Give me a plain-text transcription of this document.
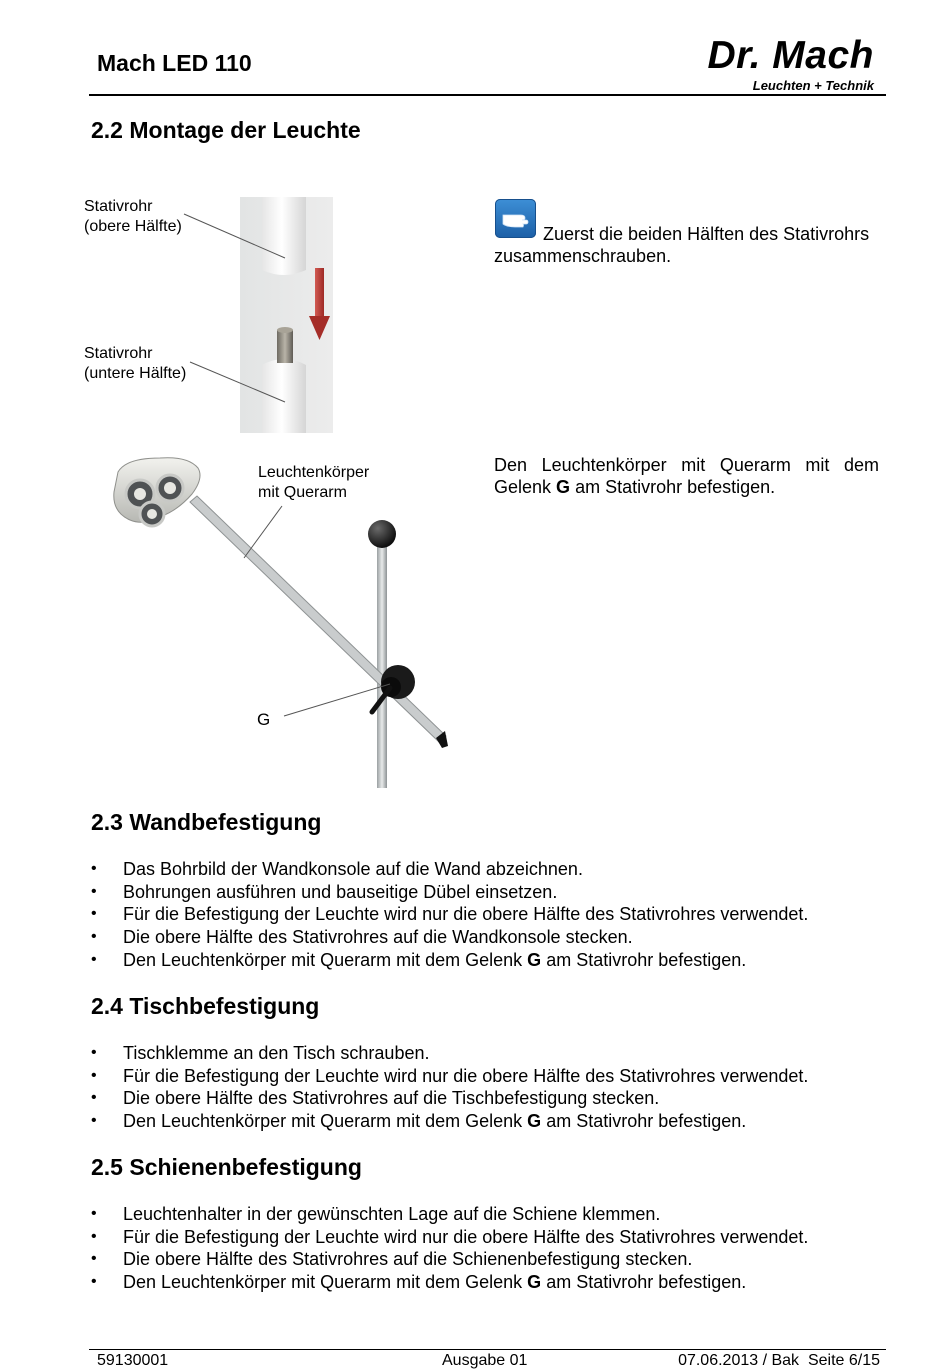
Mach LED 110	Dr. Mach
Leuchten + Technik
2.2 Montage der Leuchte
Stativrohr
(obere Hälfte)
Stativrohr
(untere Hälfte)
Zuerst die beiden Hälften des Stativrohrs zusammenschrauben.
Den Leuchtenkörper mit Querarm mit dem Gelenk G am Stativrohr befestigen.
Leuchtenkörper
mit Querarm
G
2.3 Wandbefestigung
• Das Bohrbild der Wandkonsole auf die Wand abzeichnen.
• Bohrungen ausführen und bauseitige Dübel einsetzen.
• Für die Befestigung der Leuchte wird nur die obere Hälfte des Stativrohres verwendet.
• Die obere Hälfte des Stativrohres auf die Wandkonsole stecken.
• Den Leuchtenkörper mit Querarm mit dem Gelenk G am Stativrohr befestigen.
2.4 Tischbefestigung
• Tischklemme an den Tisch schrauben.
• Für die Befestigung der Leuchte wird nur die obere Hälfte des Stativrohres verwendet.
• Die obere Hälfte des Stativrohres auf die Tischbefestigung stecken.
• Den Leuchtenkörper mit Querarm mit dem Gelenk G am Stativrohr befestigen.
2.5 Schienenbefestigung
• Leuchtenhalter in der gewünschten Lage auf die Schiene klemmen.
• Für die Befestigung der Leuchte wird nur die obere Hälfte des Stativrohres verwendet.
• Die obere Hälfte des Stativrohres auf die Schienenbefestigung stecken.
• Den Leuchtenkörper mit Querarm mit dem Gelenk G am Stativrohr befestigen.
59130001	Ausgabe 01	07.06.2013 / Bak  Seite 6/15
